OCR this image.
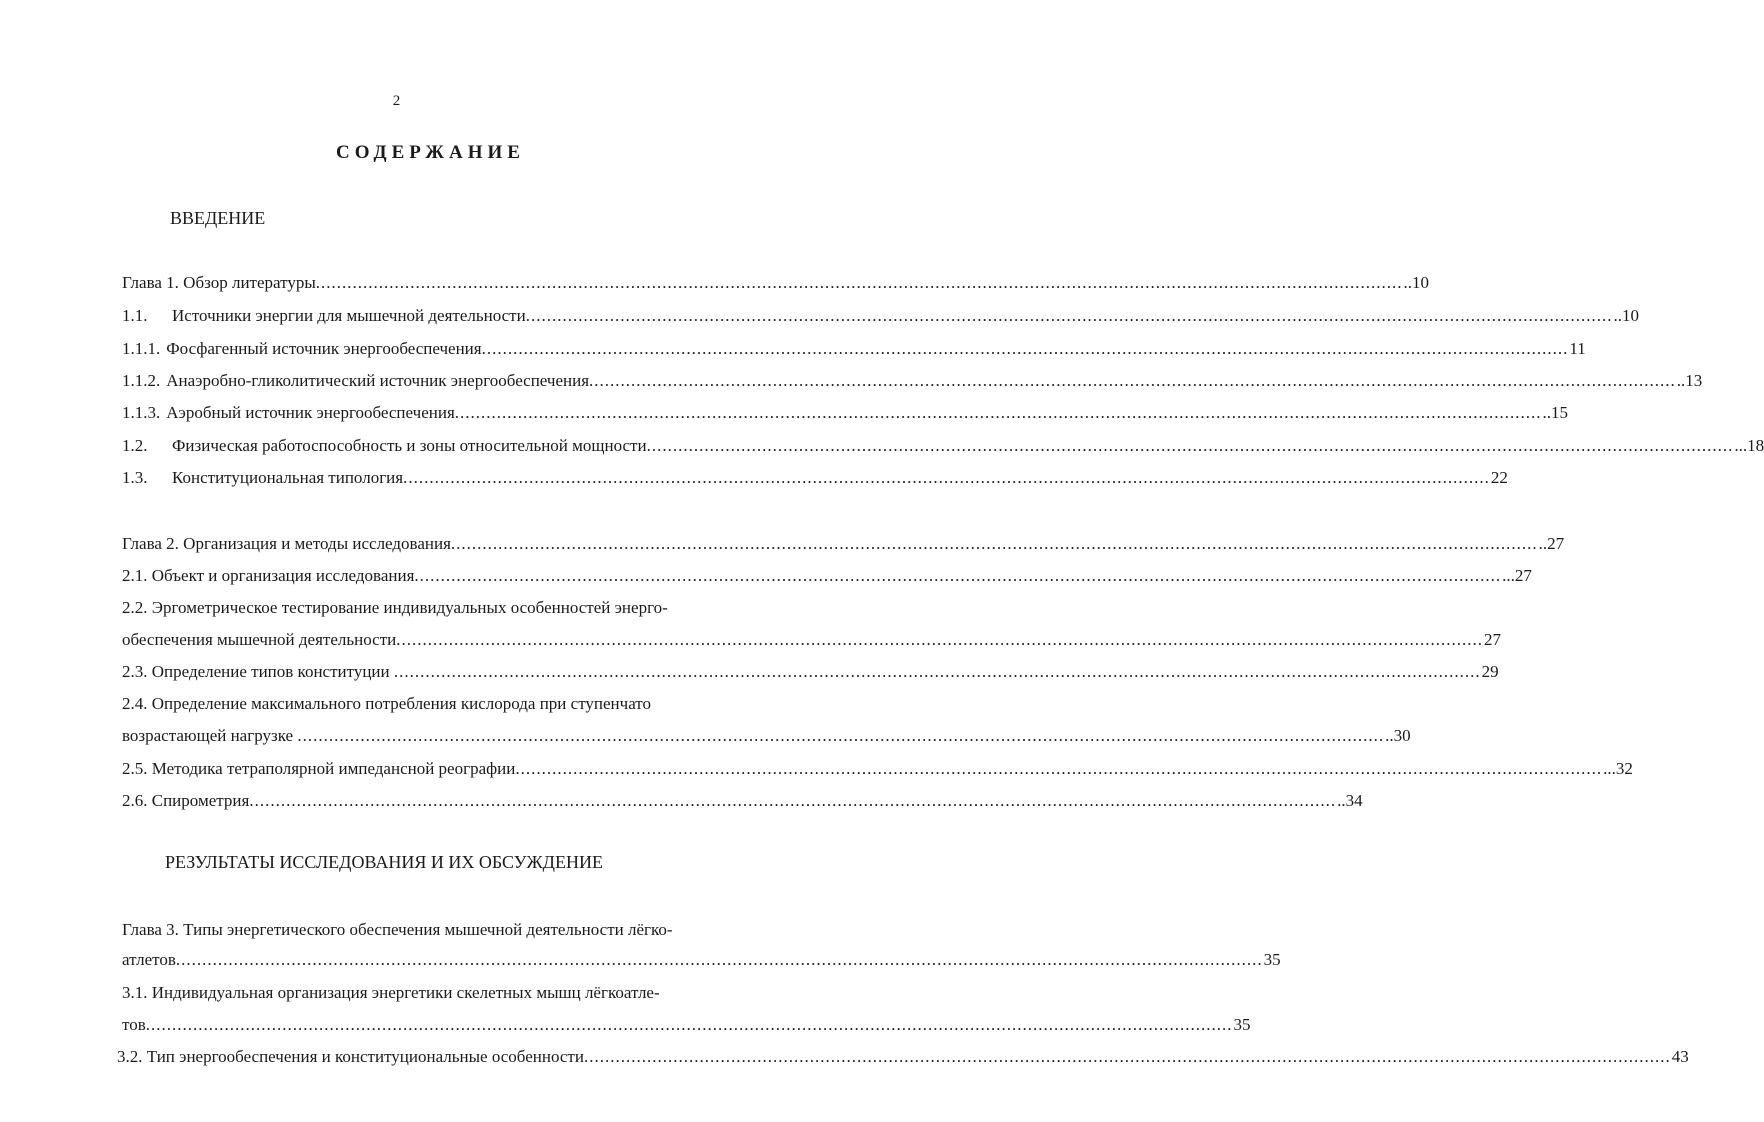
2
СОДЕРЖАНИЕ
ВВЕДЕНИЕ
Глава 1. Обзор литературы .....	..10
1.1.	Источники энергии для мышечной деятельности .....	..10
1.1.1. Фосфагенный источник энергообеспечения .....	11
1.1.2. Анаэробно-гликолитический источник энергообеспечения .....	..13
1.1.3. Аэробный источник энергообеспечения .....	..15
1.2.	Физическая работоспособность и зоны относительной мощности .....	...18
1.3.	Конституциональная типология .....	22
Глава 2. Организация и методы исследования .....	..27
2.1. Объект и организация исследования .....	...27
2.2. Эргометрическое тестирование индивидуальных особенностей энерго-
обеспечения мышечной деятельности .....	27
2.3. Определение типов конституции .....	29
2.4. Определение максимального потребления кислорода при ступенчато
возрастающей нагрузке .....	..30
2.5. Методика тетраполярной импедансной реографии .....	...32
2.6. Спирометрия .....	..34
РЕЗУЛЬТАТЫ ИССЛЕДОВАНИЯ И ИХ ОБСУЖДЕНИЕ
Глава 3. Типы энергетического обеспечения мышечной деятельности лёгко-
атлетов .....	35
3.1. Индивидуальная организация энергетики скелетных мышц лёгкоатле-
тов .....	35
3.2. Тип энергообеспечения и конституциональные особенности .....	43
